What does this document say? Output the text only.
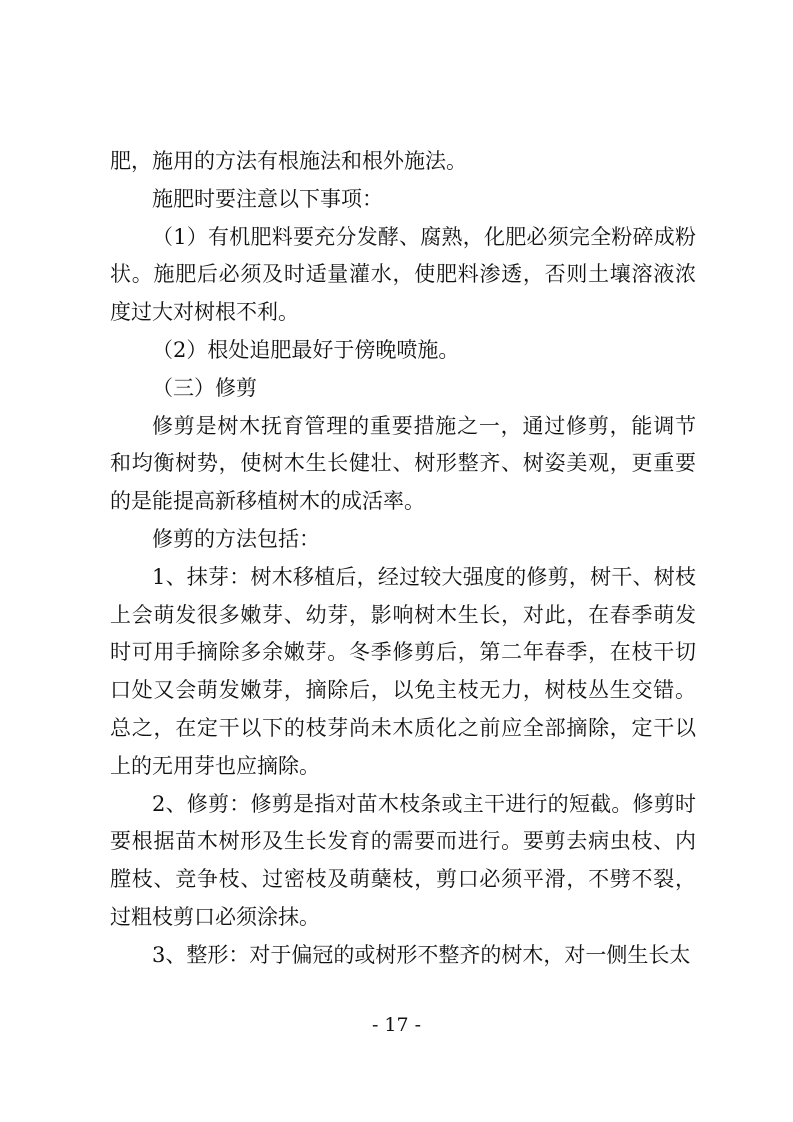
肥，施用的方法有根施法和根外施法。

施肥时要注意以下事项：

（1）有机肥料要充分发酵、腐熟，化肥必须完全粉碎成粉状。施肥后必须及时适量灌水，使肥料渗透，否则土壤溶液浓度过大对树根不利。

（2）根处追肥最好于傍晚喷施。

（三）修剪

修剪是树木抚育管理的重要措施之一，通过修剪，能调节和均衡树势，使树木生长健壮、树形整齐、树姿美观，更重要的是能提高新移植树木的成活率。

修剪的方法包括：

1、抹芽：树木移植后，经过较大强度的修剪，树干、树枝上会萌发很多嫩芽、幼芽，影响树木生长，对此，在春季萌发时可用手摘除多余嫩芽。冬季修剪后，第二年春季，在枝干切口处又会萌发嫩芽，摘除后，以免主枝无力，树枝丛生交错。总之，在定干以下的枝芽尚未木质化之前应全部摘除，定干以上的无用芽也应摘除。

2、修剪：修剪是指对苗木枝条或主干进行的短截。修剪时要根据苗木树形及生长发育的需要而进行。要剪去病虫枝、内膛枝、竞争枝、过密枝及萌蘖枝，剪口必须平滑，不劈不裂，过粗枝剪口必须涂抹。

3、整形：对于偏冠的或树形不整齐的树木，对一侧生长太

- 17 -
